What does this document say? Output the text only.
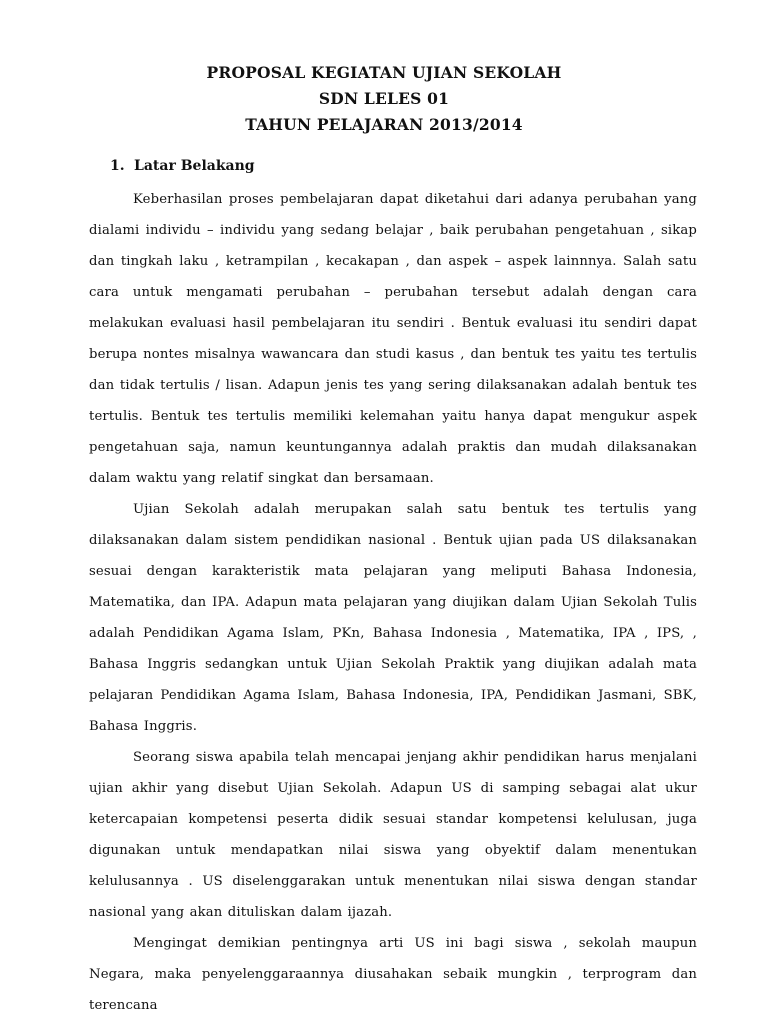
PROPOSAL KEGIATAN UJIAN SEKOLAH
SDN LELES 01
TAHUN PELAJARAN 2013/2014
1. Latar Belakang

Keberhasilan proses pembelajaran dapat diketahui dari adanya perubahan yang dialami individu – individu yang sedang belajar , baik perubahan pengetahuan , sikap dan tingkah laku , ketrampilan , kecakapan , dan aspek – aspek lainnnya. Salah satu cara untuk mengamati perubahan – perubahan tersebut adalah dengan cara melakukan evaluasi hasil pembelajaran itu sendiri . Bentuk evaluasi itu sendiri dapat berupa nontes misalnya wawancara dan studi kasus , dan bentuk tes yaitu tes tertulis dan tidak tertulis / lisan. Adapun jenis tes yang sering dilaksanakan adalah bentuk tes tertulis. Bentuk tes tertulis memiliki kelemahan yaitu hanya dapat mengukur aspek pengetahuan saja, namun keuntungannya adalah praktis dan mudah dilaksanakan dalam waktu yang relatif singkat dan bersamaan.

Ujian Sekolah adalah merupakan salah satu bentuk tes tertulis yang dilaksanakan dalam sistem pendidikan nasional . Bentuk ujian pada US dilaksanakan sesuai dengan karakteristik mata pelajaran yang meliputi Bahasa Indonesia, Matematika, dan IPA. Adapun mata pelajaran yang diujikan dalam Ujian Sekolah Tulis adalah Pendidikan Agama Islam, PKn, Bahasa Indonesia , Matematika, IPA , IPS, , Bahasa Inggris sedangkan untuk Ujian Sekolah Praktik yang diujikan adalah mata pelajaran Pendidikan Agama Islam, Bahasa Indonesia, IPA, Pendidikan Jasmani, SBK, Bahasa Inggris.

Seorang siswa apabila telah mencapai jenjang akhir pendidikan harus menjalani ujian akhir yang disebut Ujian Sekolah. Adapun US di samping sebagai alat ukur ketercapaian kompetensi peserta didik sesuai standar kompetensi kelulusan, juga digunakan untuk mendapatkan nilai siswa yang obyektif dalam menentukan kelulusannya . US diselenggarakan untuk menentukan nilai siswa dengan standar nasional yang akan dituliskan dalam ijazah.

Mengingat demikian pentingnya arti US ini bagi siswa , sekolah maupun Negara, maka penyelenggaraannya diusahakan sebaik mungkin , terprogram dan terencana
